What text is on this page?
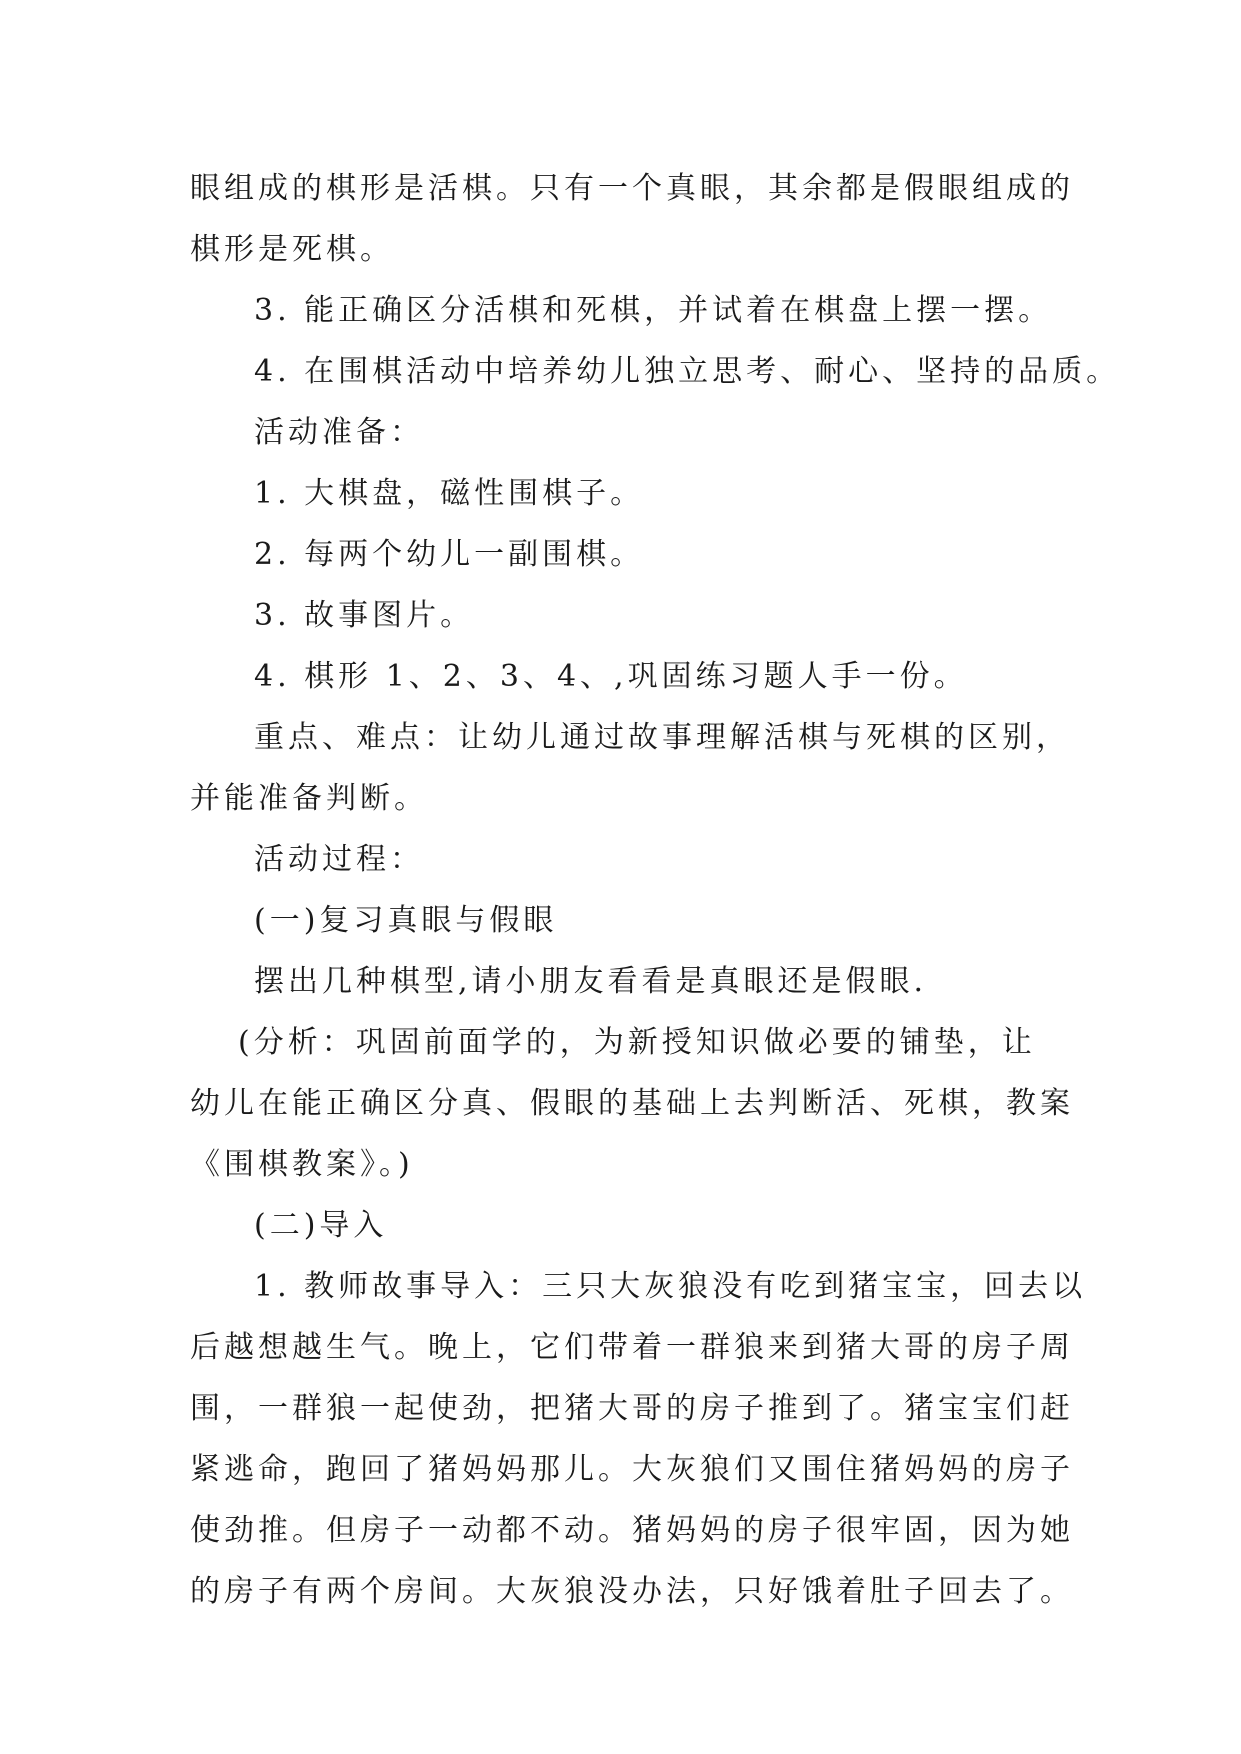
眼组成的棋形是活棋。只有一个真眼，其余都是假眼组成的
棋形是死棋。
3. 能正确区分活棋和死棋，并试着在棋盘上摆一摆。
4. 在围棋活动中培养幼儿独立思考、耐心、坚持的品质。
活动准备：
1. 大棋盘，磁性围棋子。
2. 每两个幼儿一副围棋。
3. 故事图片。
4. 棋形 1、2、3、4、,巩固练习题人手一份。
重点、难点：让幼儿通过故事理解活棋与死棋的区别，
并能准备判断。
活动过程：
(一)复习真眼与假眼
摆出几种棋型,请小朋友看看是真眼还是假眼.
(分析：巩固前面学的，为新授知识做必要的铺垫，让
幼儿在能正确区分真、假眼的基础上去判断活、死棋，教案
《围棋教案》。)
(二)导入
1. 教师故事导入：三只大灰狼没有吃到猪宝宝，回去以
后越想越生气。晚上，它们带着一群狼来到猪大哥的房子周
围，一群狼一起使劲，把猪大哥的房子推到了。猪宝宝们赶
紧逃命，跑回了猪妈妈那儿。大灰狼们又围住猪妈妈的房子
使劲推。但房子一动都不动。猪妈妈的房子很牢固，因为她
的房子有两个房间。大灰狼没办法，只好饿着肚子回去了。
